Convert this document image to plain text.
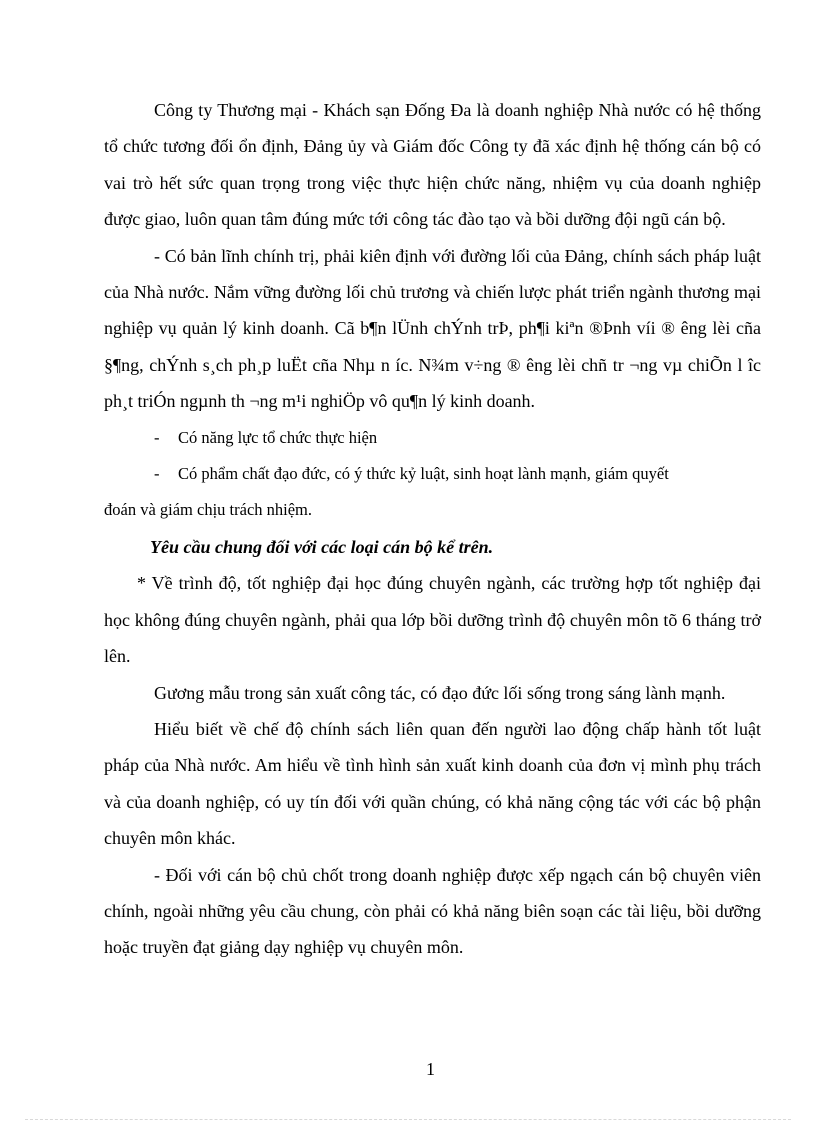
Công ty Thương mại - Khách sạn Đống Đa là doanh nghiệp Nhà nước có hệ thống tổ chức tương đối ổn định, Đảng ủy và Giám đốc Công ty đã xác định hệ thống cán bộ có vai trò hết sức quan trọng trong việc thực hiện chức năng, nhiệm vụ của doanh nghiệp được giao, luôn quan tâm đúng mức tới công tác đào tạo và bồi dưỡng đội ngũ cán bộ.

- Có bản lĩnh chính trị, phải kiên định với đường lối của Đảng, chính sách pháp luật của Nhà nước. Nắm vững đường lối chủ trương và chiến lược phát triển ngành thương mại nghiệp vụ quản lý kinh doanh. Cã b¶n lÜnh chÝnh trÞ, ph¶i kiªn ®Þnh víi ® êng lèi cña §¶ng, chÝnh s¸ch ph¸p luËt cña Nhµ n íc. N¾m v÷ng ® êng lèi chñ tr ¬ng vµ chiÕn l îc ph¸t triÓn ngµnh th ¬ng m¹i nghiÖp vô qu¶n lý kinh doanh.

-	Có năng lực tổ chức thực hiện
-	Có phẩm chất đạo đức, có ý thức kỷ luật, sinh hoạt lành mạnh, giám quyết

đoán và giám chịu trách nhiệm.

Yêu cầu chung đối với các loại cán bộ kể trên.

* Về trình độ, tốt nghiệp đại học đúng chuyên ngành, các trường hợp tốt nghiệp đại học không đúng chuyên ngành, phải qua lớp bồi dưỡng trình độ chuyên môn tõ 6 tháng trở lên.

Gương mẫu trong sản xuất công tác, có đạo đức lối sống trong sáng lành mạnh.

Hiểu biết về chế độ chính sách liên quan đến người lao động chấp hành tốt luật pháp của Nhà nước. Am hiểu về tình hình sản xuất kinh doanh của đơn vị mình phụ trách và của doanh nghiệp, có uy tín đối với quần chúng, có khả năng cộng tác với các bộ phận chuyên môn khác.

- Đối với cán bộ chủ chốt trong doanh nghiệp được xếp ngạch cán bộ chuyên viên chính, ngoài những yêu cầu chung, còn phải có khả năng biên soạn các tài liệu, bồi dưỡng hoặc truyền đạt giảng dạy nghiệp vụ chuyên môn.

1
